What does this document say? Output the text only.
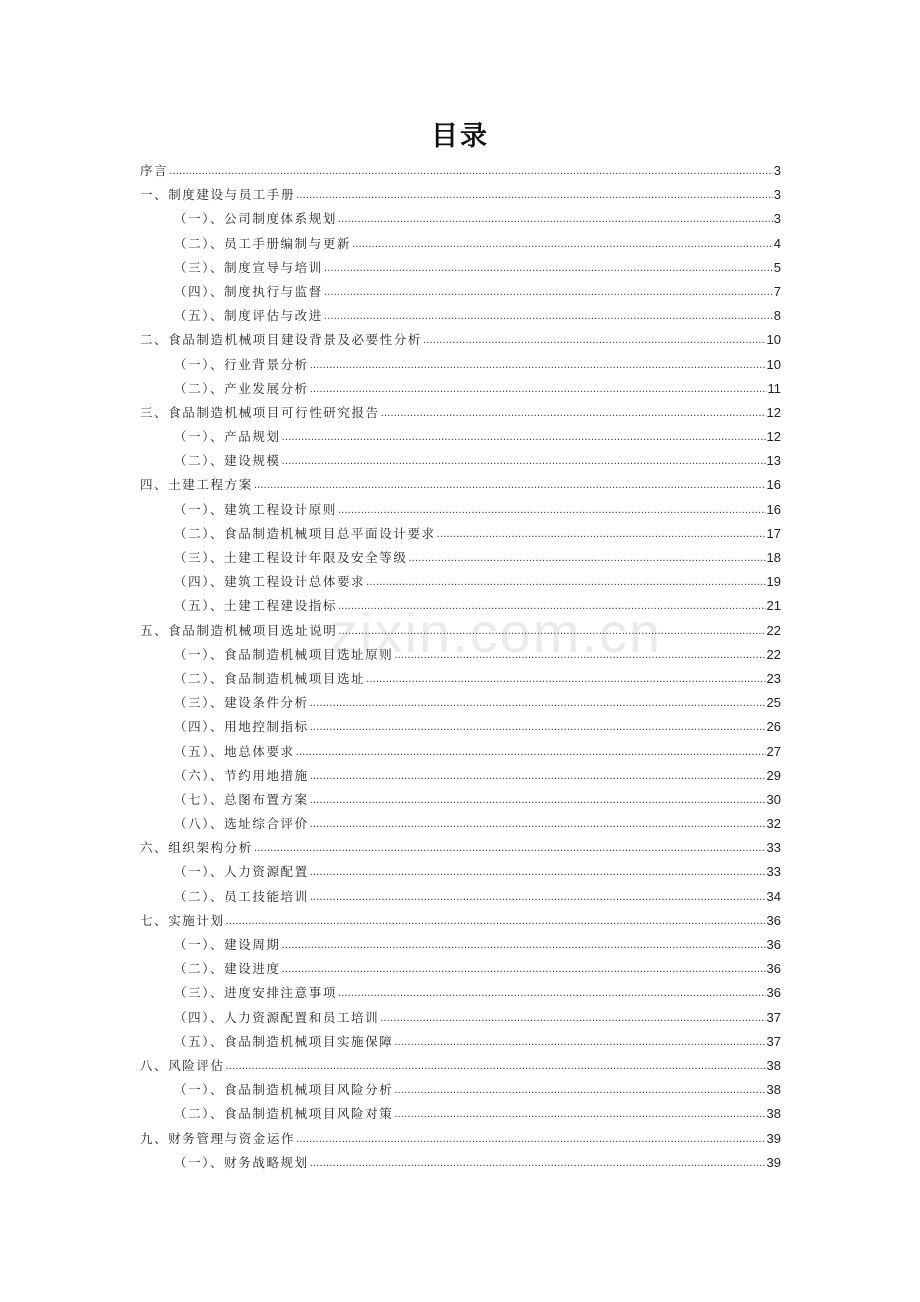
zixin.com.cn
目录
序言 .....	3
一、制度建设与员工手册 .....	3
（一）、公司制度体系规划 .....	3
（二）、员工手册编制与更新 .....	4
（三）、制度宣导与培训 .....	5
（四）、制度执行与监督 .....	7
（五）、制度评估与改进 .....	8
二、食品制造机械项目建设背景及必要性分析 .....	10
（一）、行业背景分析 .....	10
（二）、产业发展分析 .....	11
三、食品制造机械项目可行性研究报告 .....	12
（一）、产品规划 .....	12
（二）、建设规模 .....	13
四、土建工程方案 .....	16
（一）、建筑工程设计原则 .....	16
（二）、食品制造机械项目总平面设计要求 .....	17
（三）、土建工程设计年限及安全等级 .....	18
（四）、建筑工程设计总体要求 .....	19
（五）、土建工程建设指标 .....	21
五、食品制造机械项目选址说明 .....	22
（一）、食品制造机械项目选址原则 .....	22
（二）、食品制造机械项目选址 .....	23
（三）、建设条件分析 .....	25
（四）、用地控制指标 .....	26
（五）、地总体要求 .....	27
（六）、节约用地措施 .....	29
（七）、总图布置方案 .....	30
（八）、选址综合评价 .....	32
六、组织架构分析 .....	33
（一）、人力资源配置 .....	33
（二）、员工技能培训 .....	34
七、实施计划 .....	36
（一）、建设周期 .....	36
（二）、建设进度 .....	36
（三）、进度安排注意事项 .....	36
（四）、人力资源配置和员工培训 .....	37
（五）、食品制造机械项目实施保障 .....	37
八、风险评估 .....	38
（一）、食品制造机械项目风险分析 .....	38
（二）、食品制造机械项目风险对策 .....	38
九、财务管理与资金运作 .....	39
（一）、财务战略规划 .....	39
